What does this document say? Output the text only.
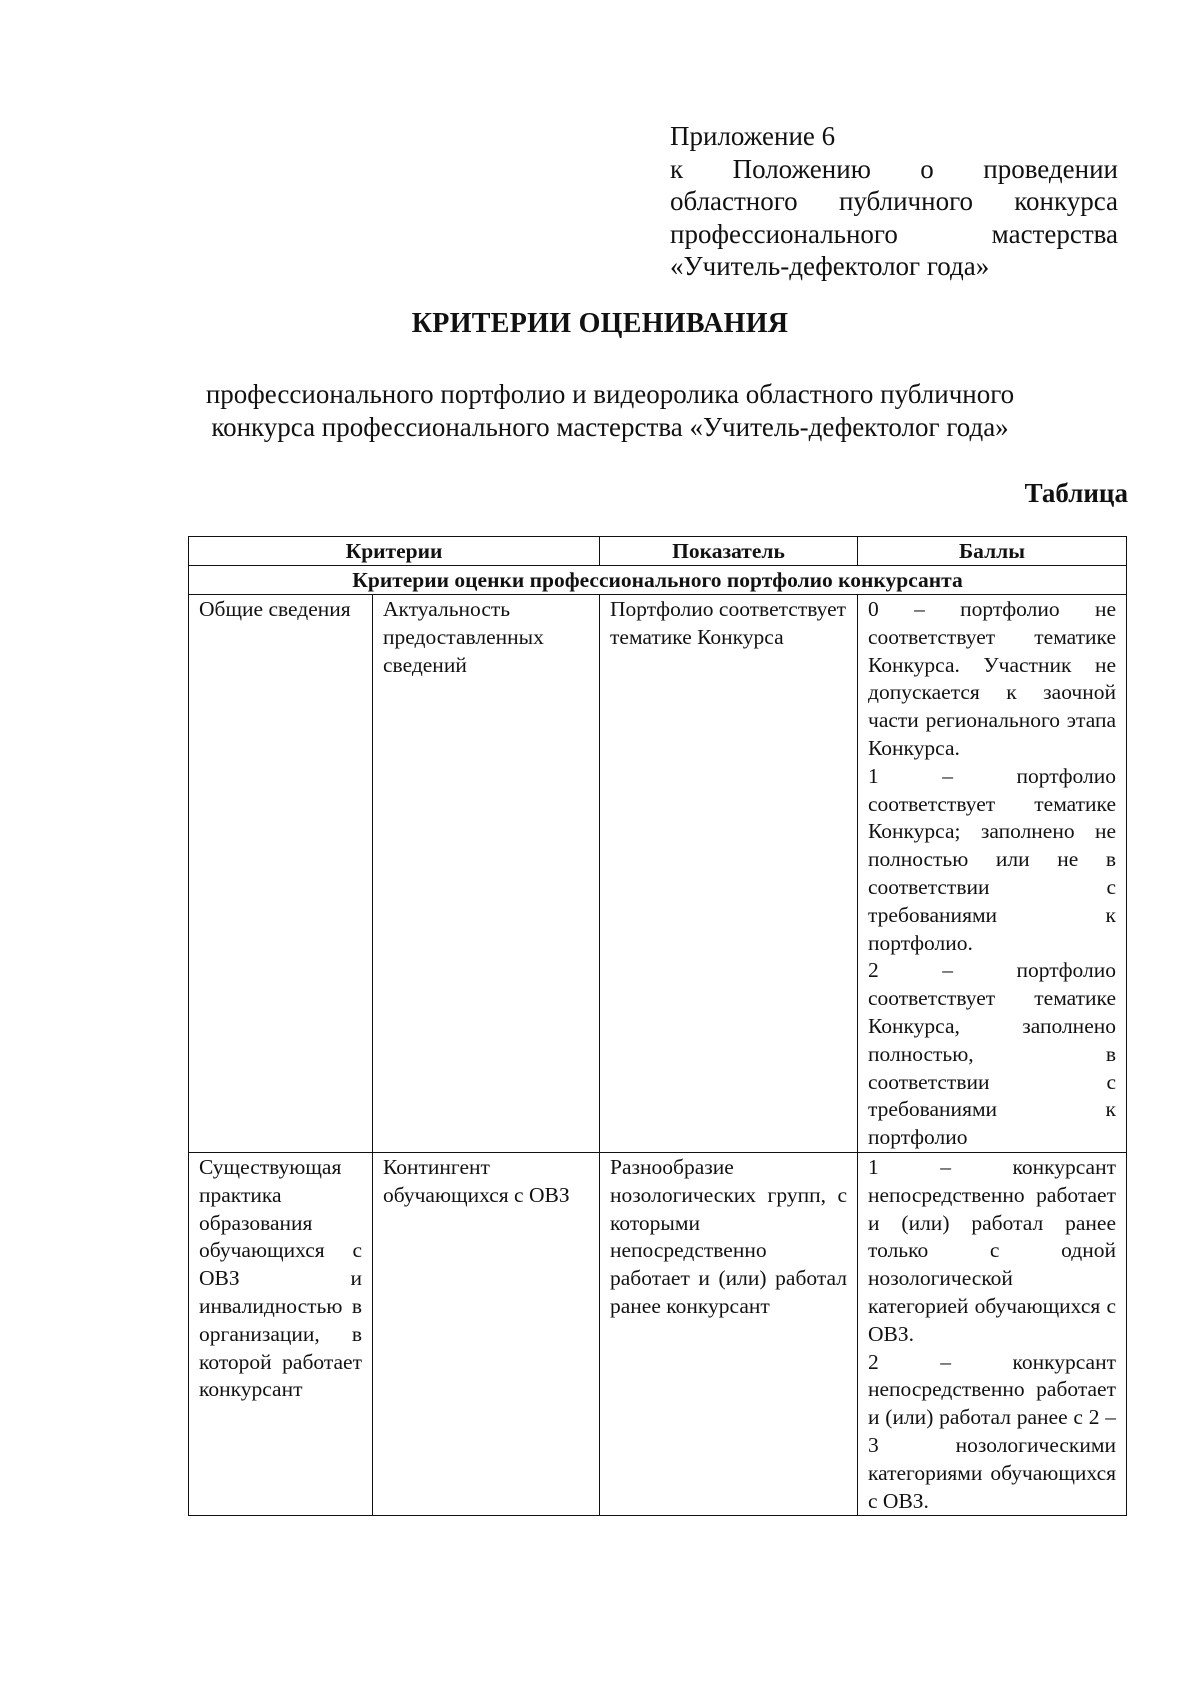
Приложение 6
к Положению о проведении
областного публичного конкурса
профессионального мастерства
«Учитель-дефектолог года»
КРИТЕРИИ ОЦЕНИВАНИЯ
профессионального портфолио и видеоролика областного публичного
конкурса профессионального мастерства «Учитель-дефектолог года»
Таблица
Критерии		Показатель	Баллы
Критерии оценки профессионального портфолио конкурсанта			
Общие сведения	Актуальность предоставленных сведений	Портфолио соответствует тематике Конкурса	0 – портфолио не соответствует тематике Конкурса. Участник не допускается к заочной части регионального этапа Конкурса.
1 – портфолио соответствует тематике Конкурса; заполнено не полностью или не в соответствии с требованиями к портфолио.
2 – портфолио соответствует тематике Конкурса, заполнено полностью, в соответствии с требованиями к портфолио

Существующая практика образования обучающихся с ОВЗ и инвалидностью в организации, в которой работает конкурсант	Контингент обучающихся с ОВЗ	Разнообразие нозологических групп, с которыми непосредственно работает и (или) работал ранее конкурсант	1 – конкурсант непосредственно работает и (или) работал ранее только с одной нозологической категорией обучающихся с ОВЗ.
2 – конкурсант непосредственно работает и (или) работал ранее с 2 – 3 нозологическими категориями обучающихся с ОВЗ.
